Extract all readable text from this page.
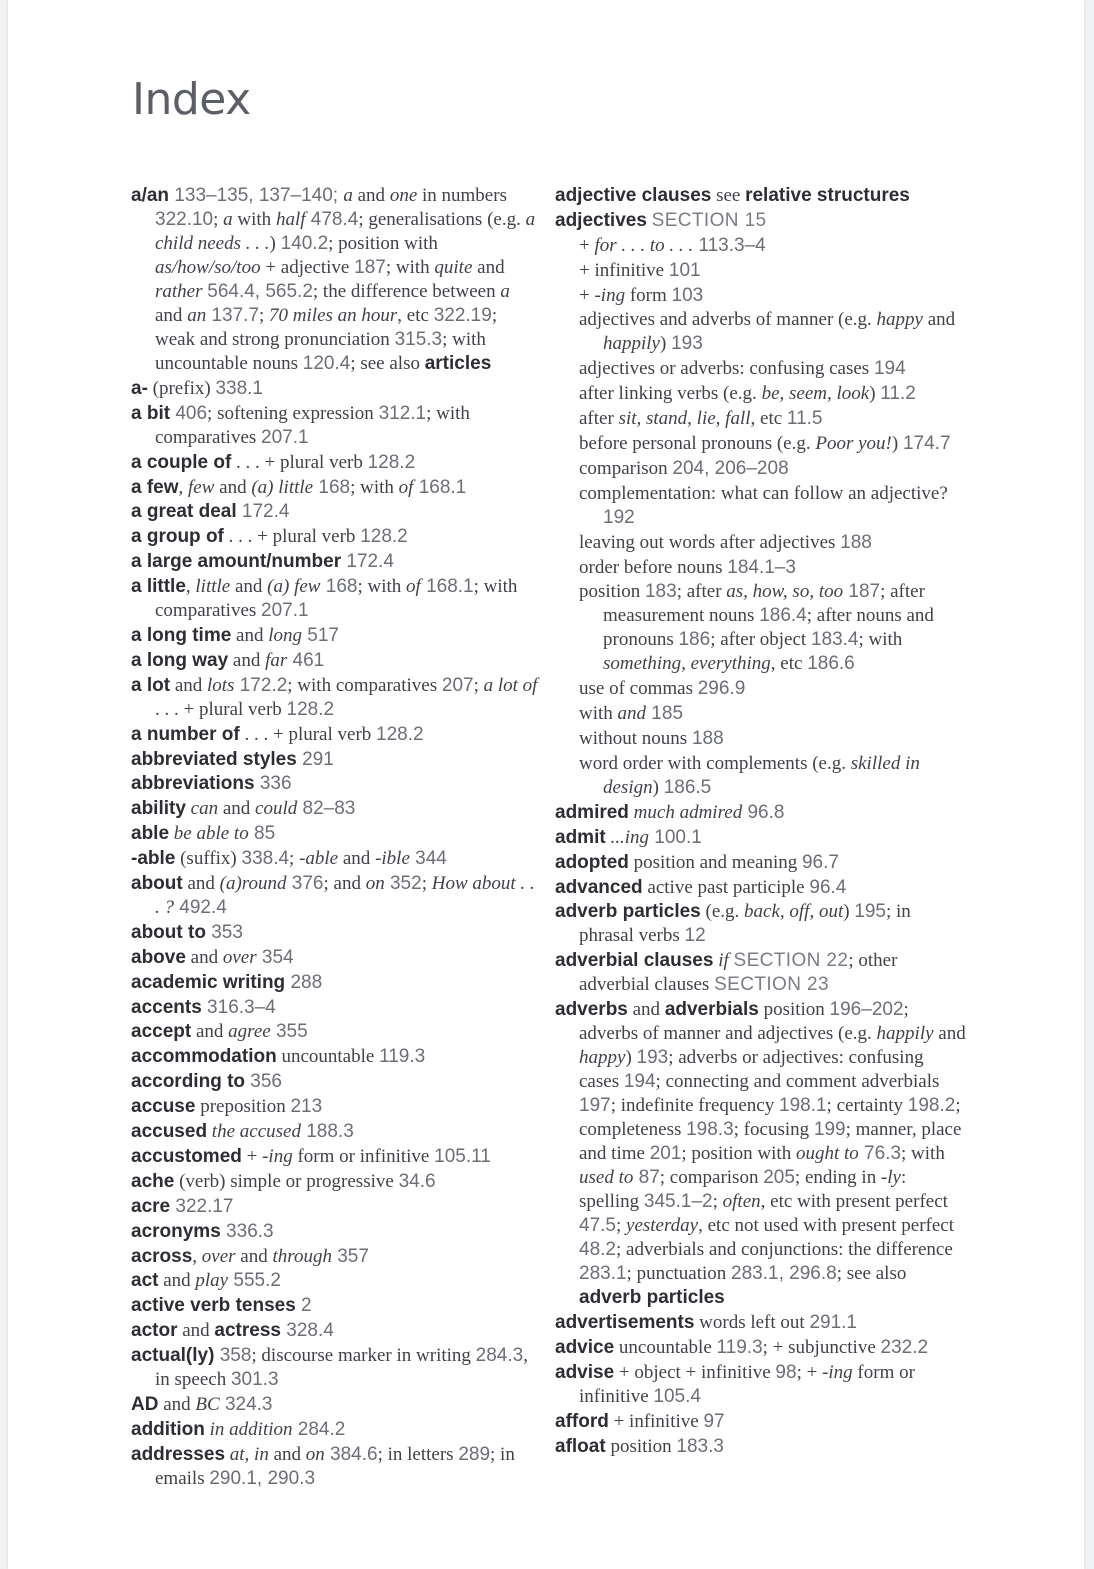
Index

a/an 133–135, 137–140; a and one in numbers 322.10; a with half 478.4; generalisations (e.g. a child needs . . .) 140.2; position with as/how/so/too + adjective 187; with quite and rather 564.4, 565.2; the difference between a and an 137.7; 70 miles an hour, etc 322.19; weak and strong pronunciation 315.3; with uncountable nouns 120.4; see also articles

a- (prefix) 338.1

a bit 406; softening expression 312.1; with comparatives 207.1

a couple of . . . + plural verb 128.2

a few, few and (a) little 168; with of 168.1

a great deal 172.4

a group of . . . + plural verb 128.2

a large amount/number 172.4

a little, little and (a) few 168; with of 168.1; with comparatives 207.1

a long time and long 517

a long way and far 461

a lot and lots 172.2; with comparatives 207; a lot of . . . + plural verb 128.2

a number of . . . + plural verb 128.2

abbreviated styles 291

abbreviations 336

ability can and could 82–83

able be able to 85

-able (suffix) 338.4; -able and -ible 344

about and (a)round 376; and on 352; How about . . . ? 492.4

about to 353

above and over 354

academic writing 288

accents 316.3–4

accept and agree 355

accommodation uncountable 119.3

according to 356

accuse preposition 213

accused the accused 188.3

accustomed + -ing form or infinitive 105.11

ache (verb) simple or progressive 34.6

acre 322.17

acronyms 336.3

across, over and through 357

act and play 555.2

active verb tenses 2

actor and actress 328.4

actual(ly) 358; discourse marker in writing 284.3, in speech 301.3

AD and BC 324.3

addition in addition 284.2

addresses at, in and on 384.6; in letters 289; in emails 290.1, 290.3

adjective clauses see relative structures

adjectives SECTION 15

+ for . . . to . . . 113.3–4

+ infinitive 101

+ -ing form 103

adjectives and adverbs of manner (e.g. happy and happily) 193

adjectives or adverbs: confusing cases 194

after linking verbs (e.g. be, seem, look) 11.2

after sit, stand, lie, fall, etc 11.5

before personal pronouns (e.g. Poor you!) 174.7

comparison 204, 206–208

complementation: what can follow an adjective? 192

leaving out words after adjectives 188

order before nouns 184.1–3

position 183; after as, how, so, too 187; after measurement nouns 186.4; after nouns and pronouns 186; after object 183.4; with something, everything, etc 186.6

use of commas 296.9

with and 185

without nouns 188

word order with complements (e.g. skilled in design) 186.5

admired much admired 96.8

admit ...ing 100.1

adopted position and meaning 96.7

advanced active past participle 96.4

adverb particles (e.g. back, off, out) 195; in phrasal verbs 12

adverbial clauses if SECTION 22; other adverbial clauses SECTION 23

adverbs and adverbials position 196–202; adverbs of manner and adjectives (e.g. happily and happy) 193; adverbs or adjectives: confusing cases 194; connecting and comment adverbials 197; indefinite frequency 198.1; certainty 198.2; completeness 198.3; focusing 199; manner, place and time 201; position with ought to 76.3; with used to 87; comparison 205; ending in -ly: spelling 345.1–2; often, etc with present perfect 47.5; yesterday, etc not used with present perfect 48.2; adverbials and conjunctions: the difference 283.1; punctuation 283.1, 296.8; see also adverb particles

advertisements words left out 291.1

advice uncountable 119.3; + subjunctive 232.2

advise + object + infinitive 98; + -ing form or infinitive 105.4

afford + infinitive 97

afloat position 183.3
